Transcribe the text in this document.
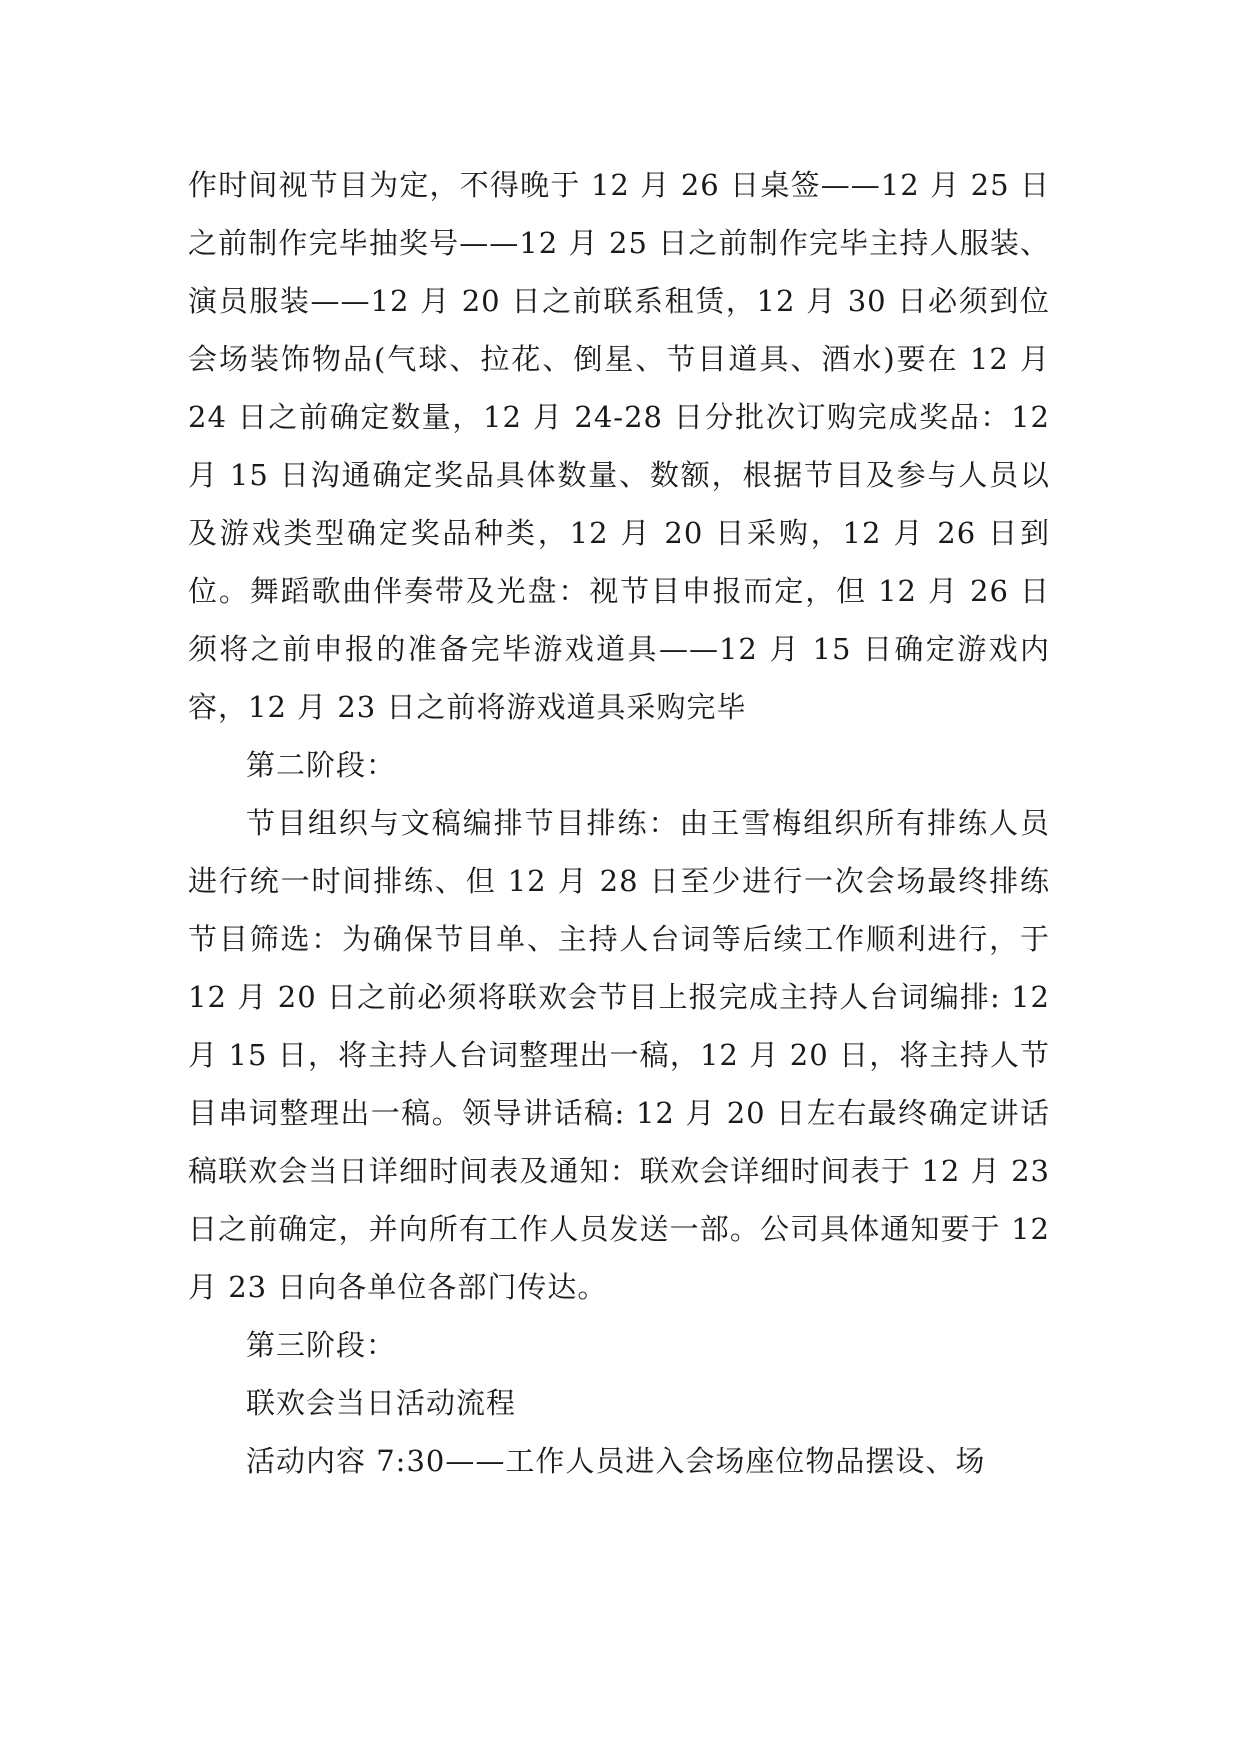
作时间视节目为定，不得晚于 12 月 26 日桌签——12 月 25 日之前制作完毕抽奖号——12 月 25 日之前制作完毕主持人服装、演员服装——12 月 20 日之前联系租赁，12 月 30 日必须到位会场装饰物品(气球、拉花、倒星、节目道具、酒水)要在 12 月 24 日之前确定数量，12 月 24-28 日分批次订购完成奖品：12 月 15 日沟通确定奖品具体数量、数额，根据节目及参与人员以及游戏类型确定奖品种类，12 月 20 日采购，12 月 26 日到位。舞蹈歌曲伴奏带及光盘：视节目申报而定，但 12 月 26 日须将之前申报的准备完毕游戏道具——12 月 15 日确定游戏内容，12 月 23 日之前将游戏道具采购完毕

第二阶段：

节目组织与文稿编排节目排练：由王雪梅组织所有排练人员进行统一时间排练、但 12 月 28 日至少进行一次会场最终排练节目筛选：为确保节目单、主持人台词等后续工作顺利进行，于 12 月 20 日之前必须将联欢会节目上报完成主持人台词编排: 12 月 15 日，将主持人台词整理出一稿，12 月 20 日，将主持人节目串词整理出一稿。领导讲话稿: 12 月 20 日左右最终确定讲话稿联欢会当日详细时间表及通知：联欢会详细时间表于 12 月 23 日之前确定，并向所有工作人员发送一部。公司具体通知要于 12 月 23 日向各单位各部门传达。

第三阶段：

联欢会当日活动流程

活动内容 7:30——工作人员进入会场座位物品摆设、场
